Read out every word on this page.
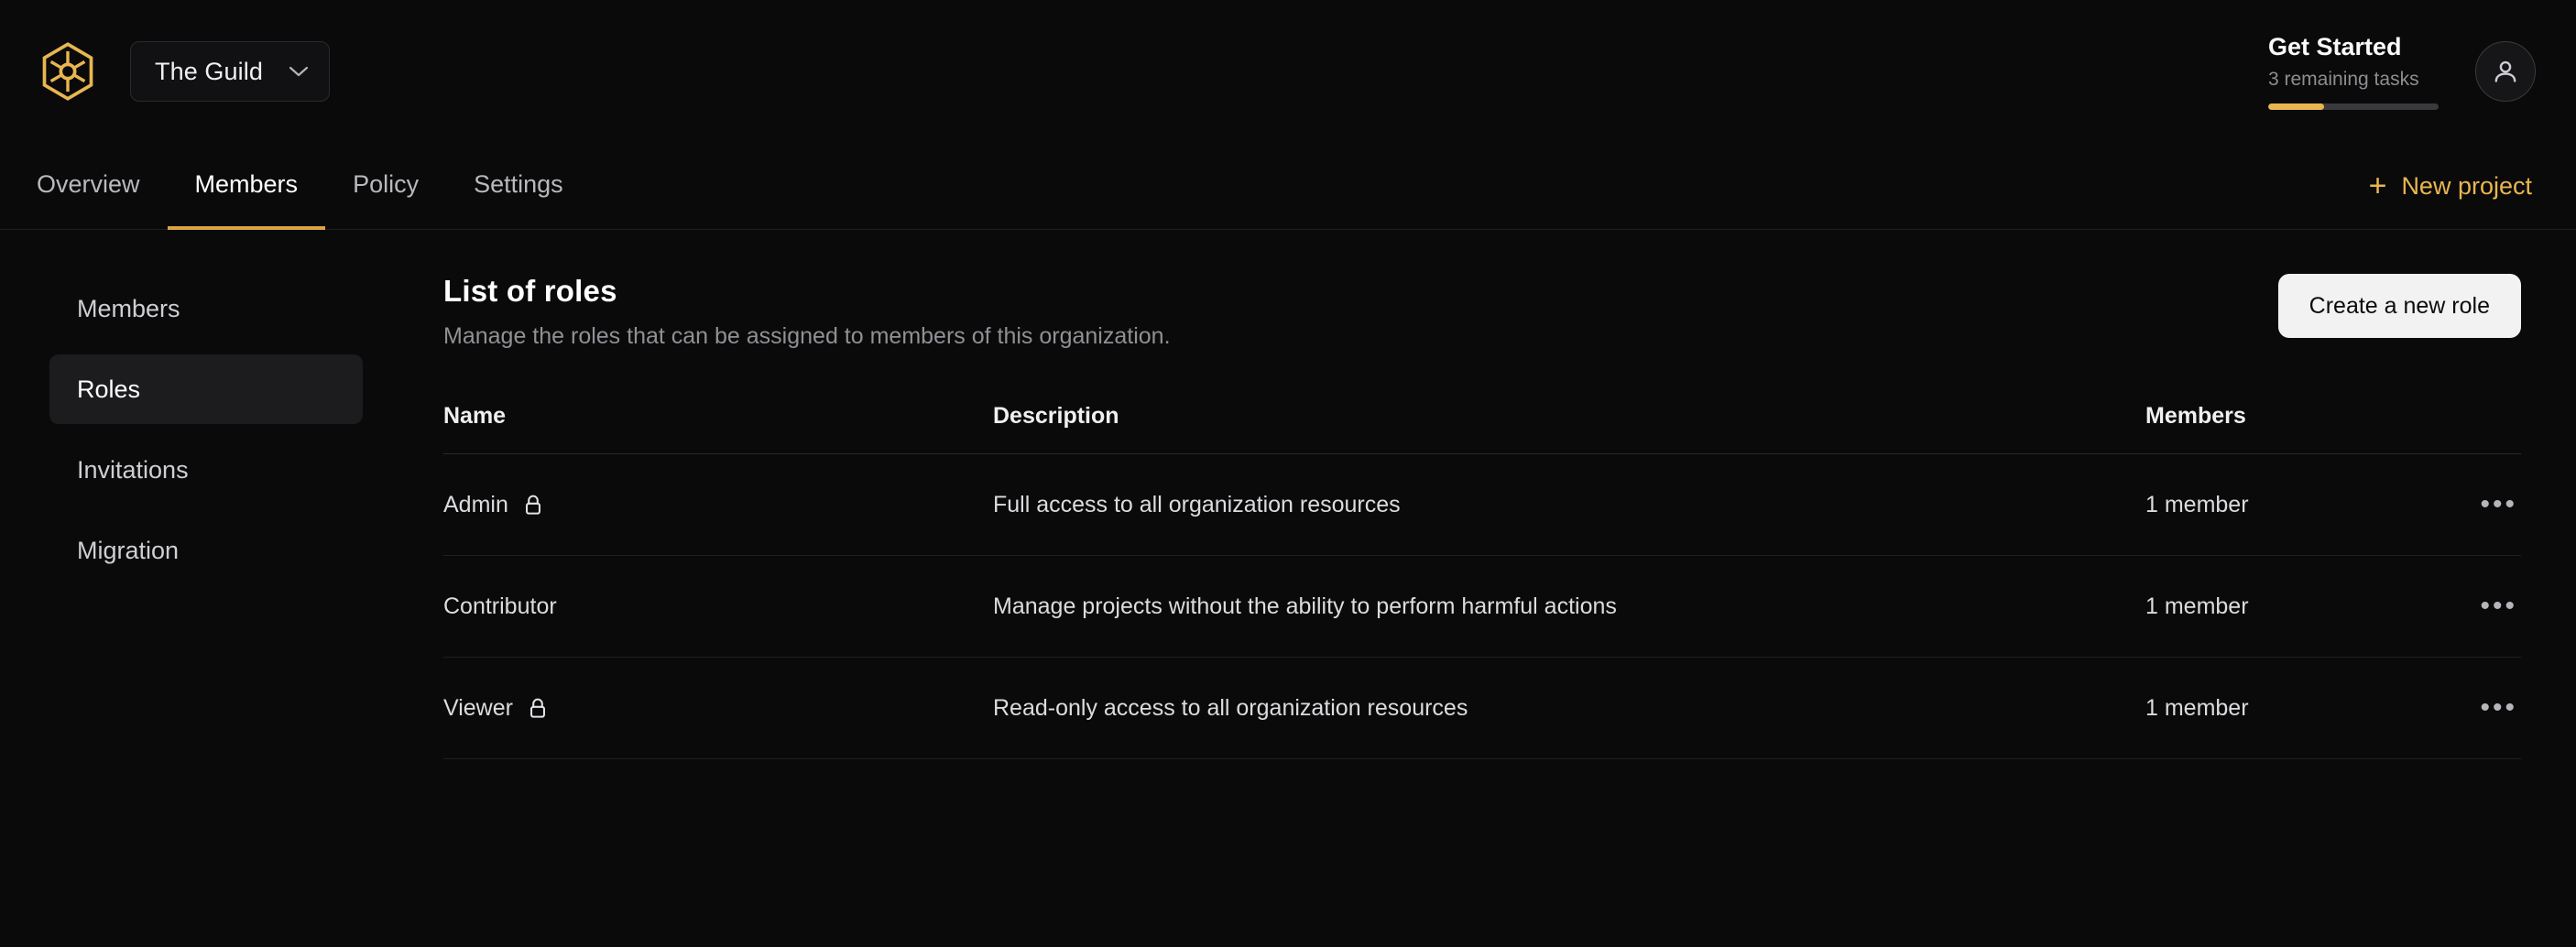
The Guild
Get Started
3 remaining tasks
Overview Members Policy Settings	+ New project
Members
Roles
Invitations
Migration
List of roles
Manage the roles that can be assigned to members of this organization.
Create a new role
Name	Description	Members	

Admin	Full access to all organization resources	1 member	•••

Contributor	Manage projects without the ability to perform harmful actions	1 member	•••

Viewer	Read-only access to all organization resources	1 member	•••
